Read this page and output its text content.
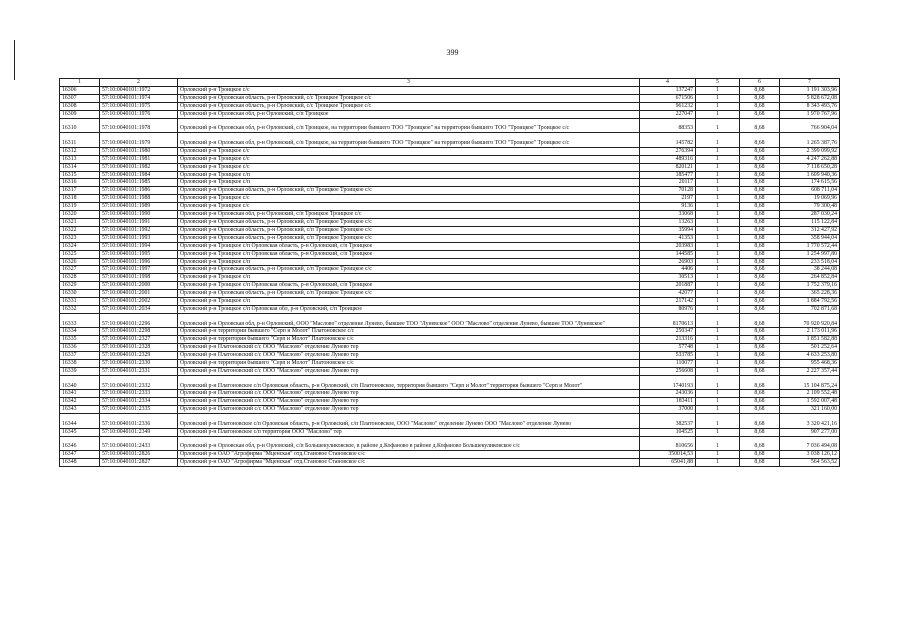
399
1	2	3	4	5	6	7
16306	57:10:0040101:1972	Орловский р-н Троицкое с/с	137247	1	8,68	1 191 303,96
16307	57:10:0040101:1974	Орловский р-н Орловская область, р-н Орловский, с/с Троицкое Троицкое с/с	671506	1	8,68	5 828 672,08
16308	57:10:0040101:1975	Орловский р-н Орловская область, р-н Орловский, с/с Троицкое Троицкое с/с	961232	1	8,68	8 343 493,76
16309	57:10:0040101:1976	Орловский р-н Орловская обл, р-н Орловский, с/п Троицкое	227047	1	8,68	1 970 767,96
16310	57:10:0040101:1978	Орловский р-н Орловская обл, р-н Орловский, с/п Троицкое, на территории бывшего ТОО "Троицкое" на территории бывшего ТОО "Троицкое" Троицкое с/с	88353	1	8,68	766 904,04
16311	57:10:0040101:1979	Орловский р-н Орловская обл, р-н Орловский, с/п Троицкое, на территории бывшего ТОО "Троицкое" на территории бывшего ТОО "Троицкое" Троицкое с/с	145782	1	8,68	1 265 387,76
16312	57:10:0040101:1980	Орловский р-н Троицкое с/с	276394	1	8,68	2 399 099,92
16313	57:10:0040101:1981	Орловский р-н Троицкое с/с	489316	1	8,68	4 247 262,88
16314	57:10:0040101:1982	Орловский р-н Троицкое с/с	820121	1	8,68	7 118 650,28
16315	57:10:0040101:1984	Орловский р-н Троицкое с/п	185477	1	8,68	1 609 940,36
16316	57:10:0040101:1985	Орловский р-н Троицкое с/п	20117	1	8,68	174 615,56
16317	57:10:0040101:1986	Орловский р-н Орловская область, р-н Орловский, с/п Троицкое Троицкое с/с	70128	1	8,68	608 711,04
16318	57:10:0040101:1988	Орловский р-н Троицкое с/с	2197	1	8,68	19 069,96
16319	57:10:0040101:1989	Орловский р-н Троицкое с/с	9136	1	8,68	79 300,48
16320	57:10:0040101:1990	Орловский р-н Орловская обл, р-н Орловский, с/п Троицкое Троицкое с/с	33068	1	8,68	287 030,24
16321	57:10:0040101:1991	Орловский р-н Орловская область, р-н Орловский, с/п Троицкое Троицкое с/с	13263	1	8,68	115 122,84
16322	57:10:0040101:1992	Орловский р-н Орловская область, р-н Орловский, с/п Троицкое Троицкое с/с	35994	1	8,68	312 427,92
16323	57:10:0040101:1993	Орловский р-н Орловская область, р-н Орловский, с/п Троицкое Троицкое с/с	41353	1	8,68	358 944,04
16324	57:10:0040101:1994	Орловский р-н Троицкое с/п Орловская область, р-н Орловский, с/п Троицкое	203983	1	8,68	1 770 572,44
16325	57:10:0040101:1995	Орловский р-н Троицкое с/п Орловская область, р-н Орловский, с/п Троицкое	144585	1	8,68	1 254 997,80
16326	57:10:0040101:1996	Орловский р-н Троицкое с/п	26903	1	8,68	233 518,04
16327	57:10:0040101:1997	Орловский р-н Орловская область, р-н Орловский, с/п Троицкое Троицкое с/с	4406	1	8,68	38 244,08
16328	57:10:0040101:1998	Орловский р-н Троицкое с/п	30513	1	8,68	264 852,84
16329	57:10:0040101:2000	Орловский р-н Троицкое с/п Орловская область, р-н Орловский, с/п Троицкое	201887	1	8,68	1 752 379,16
16330	57:10:0040101:2001	Орловский р-н Орловская область, р-н Орловский, с/п Троицкое Троицкое с/с	42077	1	8,68	365 228,36
16331	57:10:0040101:2002	Орловский р-н Троицкое с/п	217142	1	8,68	1 884 792,56
16332	57:10:0040101:2034	Орловский р-н Троицкое с/п Орловская обл, р-н Орловский, с/п Троицкое	80976	1	8,68	702 871,68
16333	57:10:0040101:2296	Орловский р-н Орловская обл, р-н Орловский, ООО "Маслово" отделение Лунево, бывшее ТОО "Луневское" ООО "Маслово" отделение Лунево, бывшее ТОО "Луневское"	8170613	1	8,68	70 920 920,84
16334	57:10:0040101:2298	Орловский р-н территории бывшего "Серп и Молот" Платоновское с/с	250347	1	8,68	2 173 011,96
16335	57:10:0040101:2327	Орловский р-н территория бывшего "Серп и Молот" Платоновское с/с	213316	1	8,68	1 851 582,88
16336	57:10:0040101:2328	Орловский р-н Платоновский с/с ООО "Маслово" отделение Лунево тер	57748	1	8,68	501 252,64
16337	57:10:0040101:2329	Орловский р-н Платоновский с/с ООО "Маслово" отделение Лунево тер	533785	1	8,68	4 633 253,80
16338	57:10:0040101:2330	Орловский р-н территория бывшего "Серп и Молот" Платоновское с/с	110077	1	8,68	955 468,36
16339	57:10:0040101:2331	Орловский р-н Платоновский с/с ООО "Маслово" отделение Лунево тер	256608	1	8,68	2 227 357,44
16340	57:10:0040101:2332	Орловский р-н Платоновское с/п Орловская область, р-н Орловский, с/п Платоновское, территория бывшего "Серп и Молот" территория бывшего "Серп и Молот"	1740193	1	8,68	15 104 875,24
16341	57:10:0040101:2333	Орловский р-н Платоновский с/с ООО "Маслово" отделение Лунево тер	243036	1	8,68	2 109 552,48
16342	57:10:0040101:2334	Орловский р-н Платоновский с/с ООО "Маслово" отделение Лунево тер	183411	1	8,68	1 592 007,48
16343	57:10:0040101:2335	Орловский р-н Платоновский с/с ООО "Маслово" отделение Лунево тер	37000	1	8,68	321 160,00
16344	57:10:0040101:2336	Орловский р-н Платоновское с/п Орловская область, р-н Орловский, с/п Платоновское, ООО "Маслово" отделение Лунево ООО "Маслово" отделение Лунево	382537	1	8,68	3 320 421,16
16345	57:10:0040101:2349	Орловский р-н Платоновское с/п территория ООО "Маслово" тер	104525	1	8,68	907 277,00
16346	57:10:0040101:2433	Орловский р-н Орловская обл, р-н Орловский, с/п Большекуликовское, в районе д.Кофаново в районе д.Кофаново Большекуликовское с/с	810656	1	8,68	7 036 494,08
16347	57:10:0040101:2826	Орловский р-н ОАО "Агрофирма "Мценская" отд.Становое Становское с/с	350014,53	1	8,68	3 038 126,12
16348	57:10:0040101:2827	Орловский р-н ОАО "Агрофирма "Мценская" отд.Становое Становское с/с	65041,88	1	8,68	564 563,52
